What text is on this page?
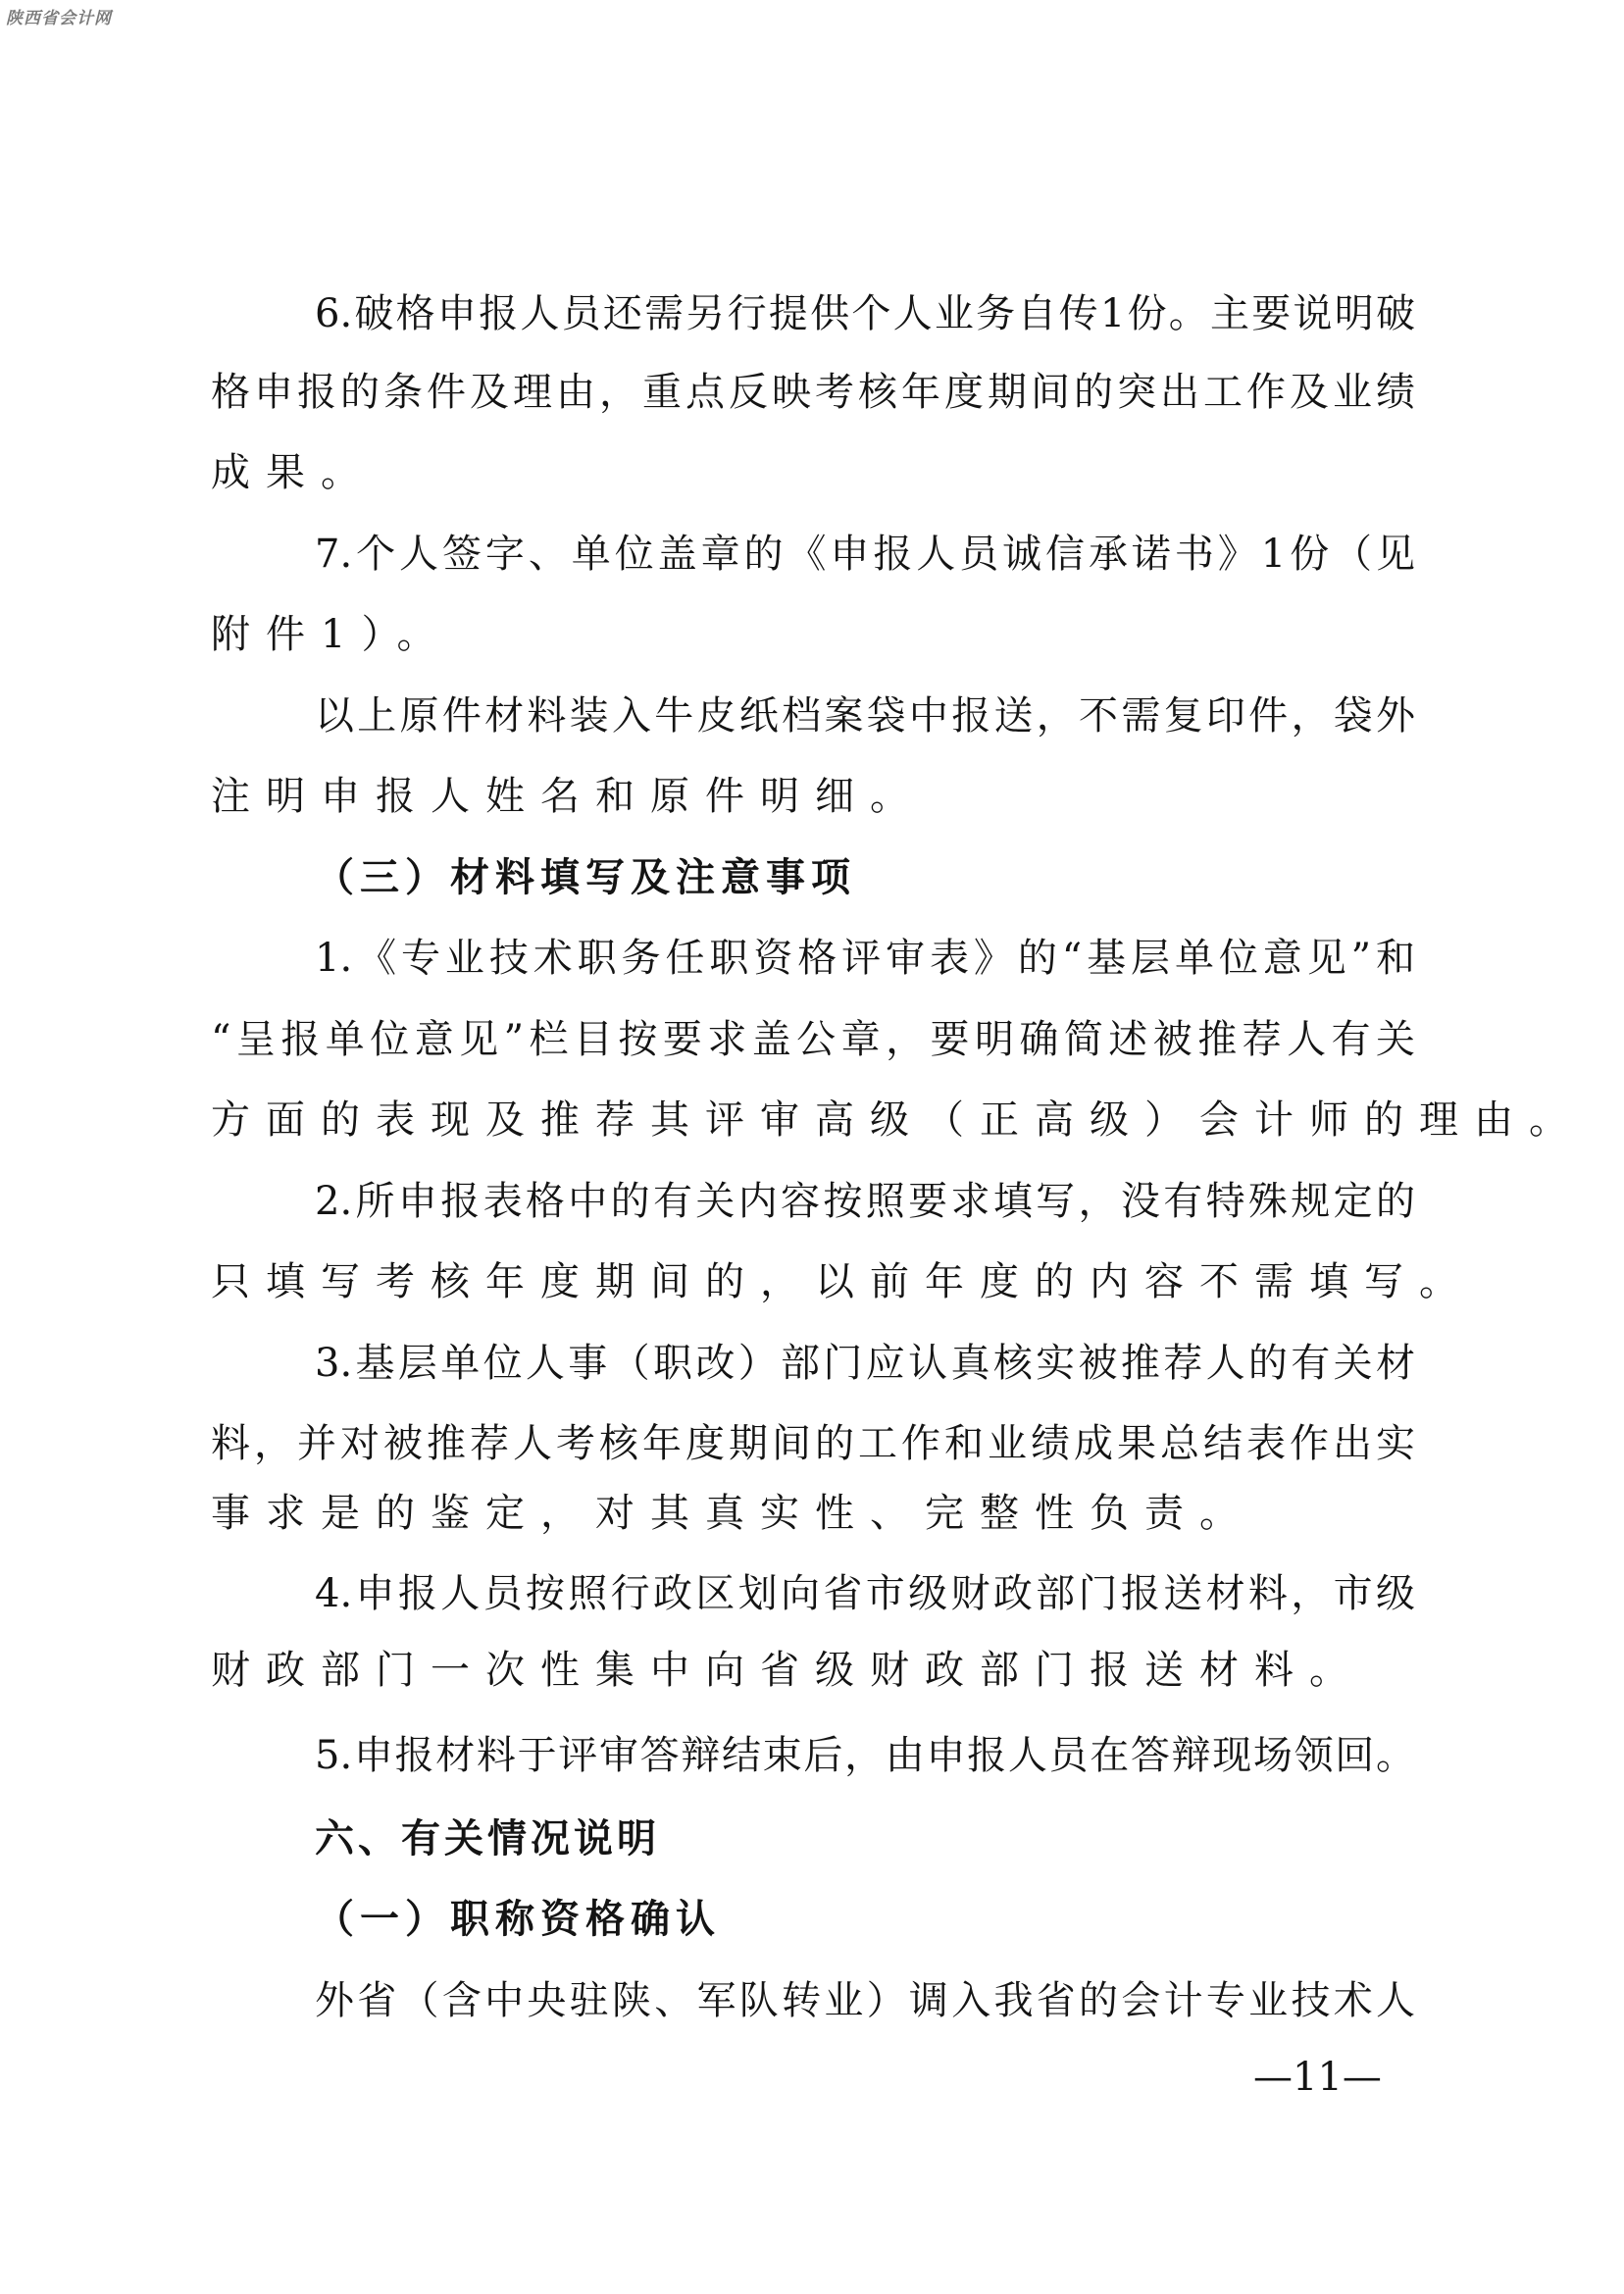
陕西省会计网
6.破格申报人员还需另行提供个人业务自传1份。主要说明破
格申报的条件及理由，重点反映考核年度期间的突出工作及业绩
成果。
7.个人签字、单位盖章的《申报人员诚信承诺书》1份（见
附件1）。
以上原件材料装入牛皮纸档案袋中报送，不需复印件，袋外
注明申报人姓名和原件明细。
（三）材料填写及注意事项
1.《专业技术职务任职资格评审表》的“基层单位意见”和
“呈报单位意见”栏目按要求盖公章，要明确简述被推荐人有关
方面的表现及推荐其评审高级（正高级）会计师的理由。
2.所申报表格中的有关内容按照要求填写，没有特殊规定的
只填写考核年度期间的，以前年度的内容不需填写。
3.基层单位人事（职改）部门应认真核实被推荐人的有关材
料，并对被推荐人考核年度期间的工作和业绩成果总结表作出实
事求是的鉴定，对其真实性、完整性负责。
4.申报人员按照行政区划向省市级财政部门报送材料，市级
财政部门一次性集中向省级财政部门报送材料。
5.申报材料于评审答辩结束后，由申报人员在答辩现场领回。
六、有关情况说明
（一）职称资格确认
外省（含中央驻陕、军队转业）调入我省的会计专业技术人
—11—
